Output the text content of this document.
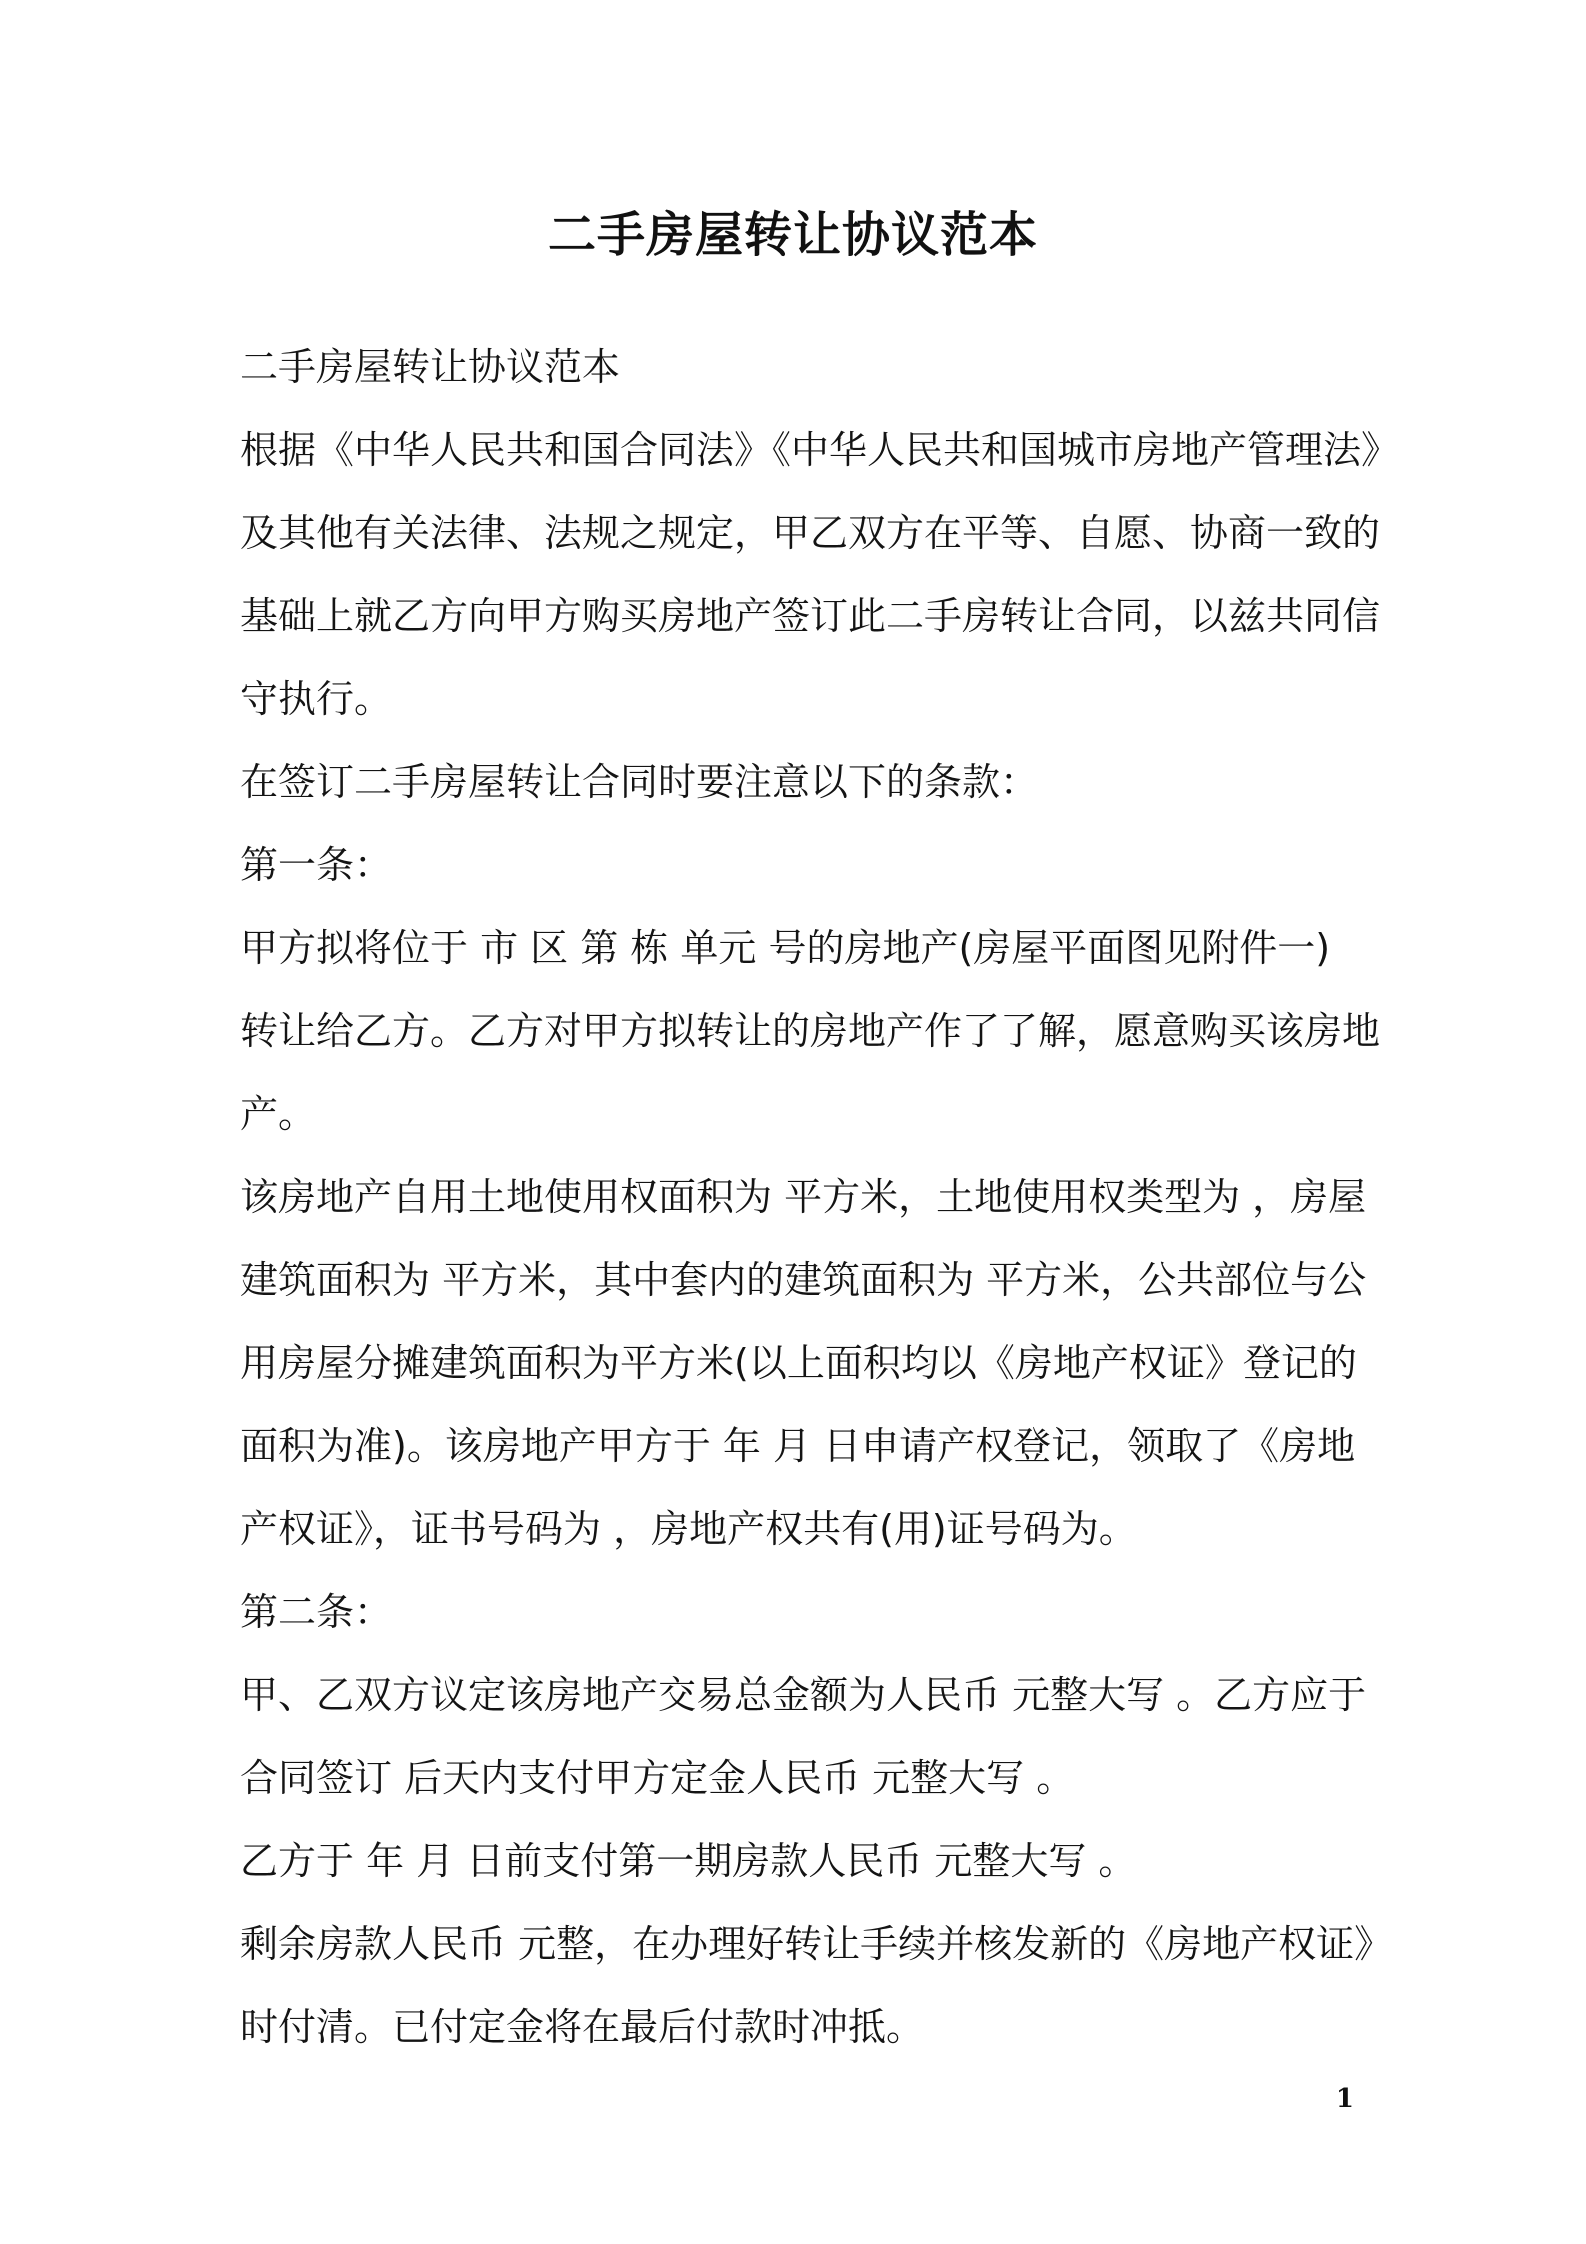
二手房屋转让协议范本

二手房屋转让协议范本

根据《中华人民共和国合同法》《中华人民共和国城市房地产管理法》

及其他有关法律、法规之规定，甲乙双方在平等、自愿、协商一致的

基础上就乙方向甲方购买房地产签订此二手房转让合同，以兹共同信

守执行。

在签订二手房屋转让合同时要注意以下的条款：

第一条：

甲方拟将位于 市 区 第 栋 单元 号的房地产(房屋平面图见附件一)

转让给乙方。乙方对甲方拟转让的房地产作了了解，愿意购买该房地

产。

该房地产自用土地使用权面积为 平方米，土地使用权类型为 ，房屋

建筑面积为 平方米，其中套内的建筑面积为 平方米，公共部位与公

用房屋分摊建筑面积为平方米(以上面积均以《房地产权证》登记的

面积为准)。该房地产甲方于 年 月 日申请产权登记，领取了《房地

产权证》，证书号码为 ，房地产权共有(用)证号码为。

第二条：

甲、乙双方议定该房地产交易总金额为人民币 元整大写 。乙方应于

合同签订 后天内支付甲方定金人民币 元整大写 。

乙方于 年 月 日前支付第一期房款人民币 元整大写 。

剩余房款人民币 元整，在办理好转让手续并核发新的《房地产权证》

时付清。已付定金将在最后付款时冲抵。

1
